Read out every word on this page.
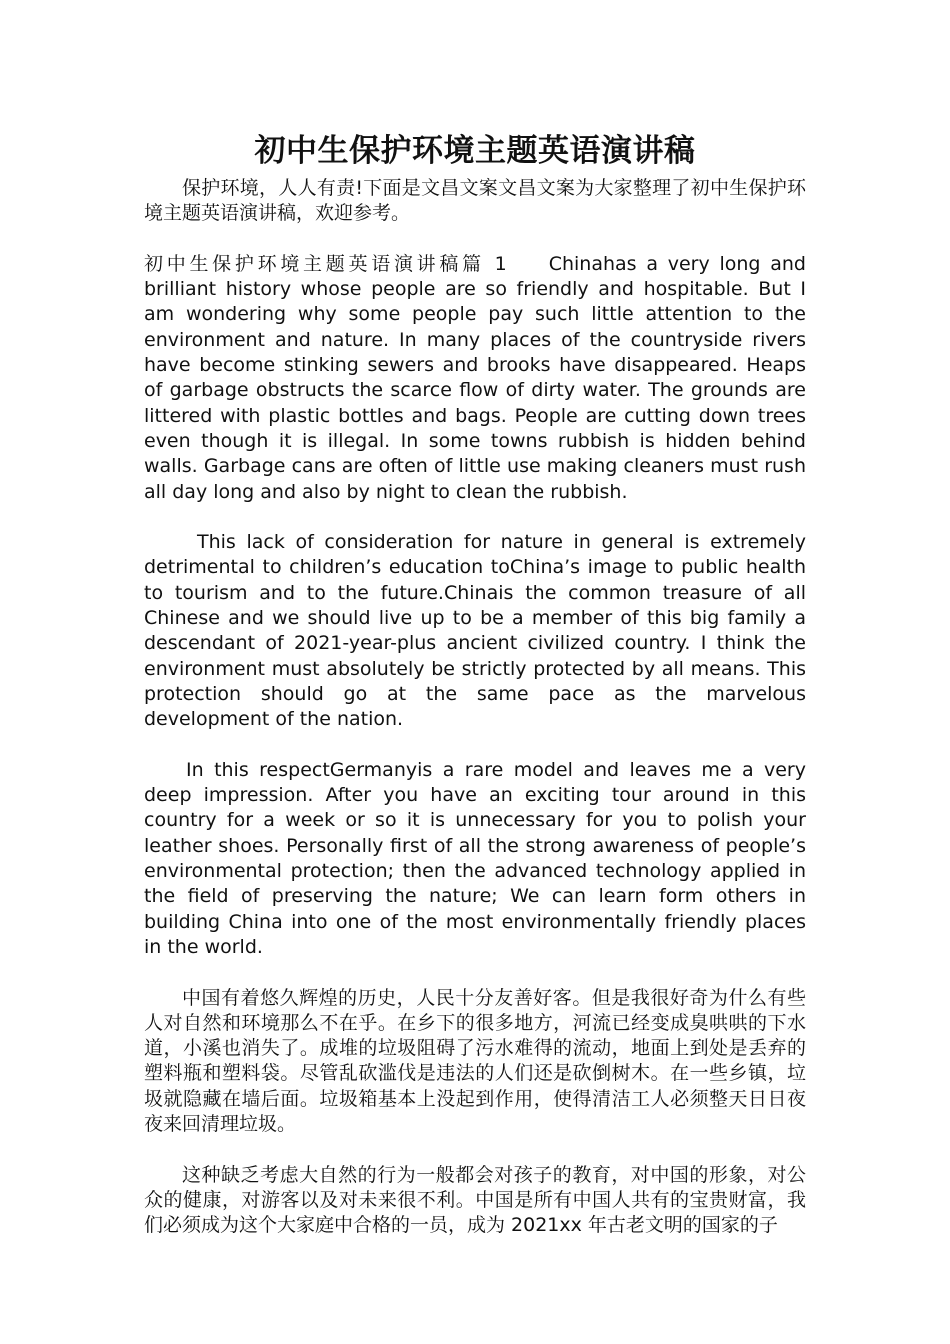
初中生保护环境主题英语演讲稿

保护环境，人人有责!下面是文昌文案文昌文案为大家整理了初中生保护环境主题英语演讲稿，欢迎参考。

初中生保护环境主题英语演讲稿篇 1 Chinahas a very long and brilliant history whose people are so friendly and hospitable. But I am wondering why some people pay such little attention to the environment and nature. In many places of the countryside rivers have become stinking sewers and brooks have disappeared. Heaps of garbage obstructs the scarce flow of dirty water. The grounds are littered with plastic bottles and bags. People are cutting down trees even though it is illegal. In some towns rubbish is hidden behind walls. Garbage cans are often of little use making cleaners must rush all day long and also by night to clean the rubbish.

This lack of consideration for nature in general is extremely detrimental to children’s education toChina’s image to public health to tourism and to the future.Chinais the common treasure of all Chinese and we should live up to be a member of this big family a descendant of 2021-year-plus ancient civilized country. I think the environment must absolutely be strictly protected by all means. This protection should go at the same pace as the marvelous development of the nation.

In this respectGermanyis a rare model and leaves me a very deep impression. After you have an exciting tour around in this country for a week or so it is unnecessary for you to polish your leather shoes. Personally first of all the strong awareness of people’s environmental protection; then the advanced technology applied in the field of preserving the nature; We can learn form others in building China into one of the most environmentally friendly places in the world.

中国有着悠久辉煌的历史，人民十分友善好客。但是我很好奇为什么有些人对自然和环境那么不在乎。在乡下的很多地方，河流已经变成臭哄哄的下水道，小溪也消失了。成堆的垃圾阻碍了污水难得的流动，地面上到处是丢弃的塑料瓶和塑料袋。尽管乱砍滥伐是违法的人们还是砍倒树木。在一些乡镇，垃圾就隐藏在墙后面。垃圾箱基本上没起到作用，使得清洁工人必须整天日日夜夜来回清理垃圾。

这种缺乏考虑大自然的行为一般都会对孩子的教育，对中国的形象，对公众的健康，对游客以及对未来很不利。中国是所有中国人共有的宝贵财富，我们必须成为这个大家庭中合格的一员，成为 2021xx 年古老文明的国家的子
